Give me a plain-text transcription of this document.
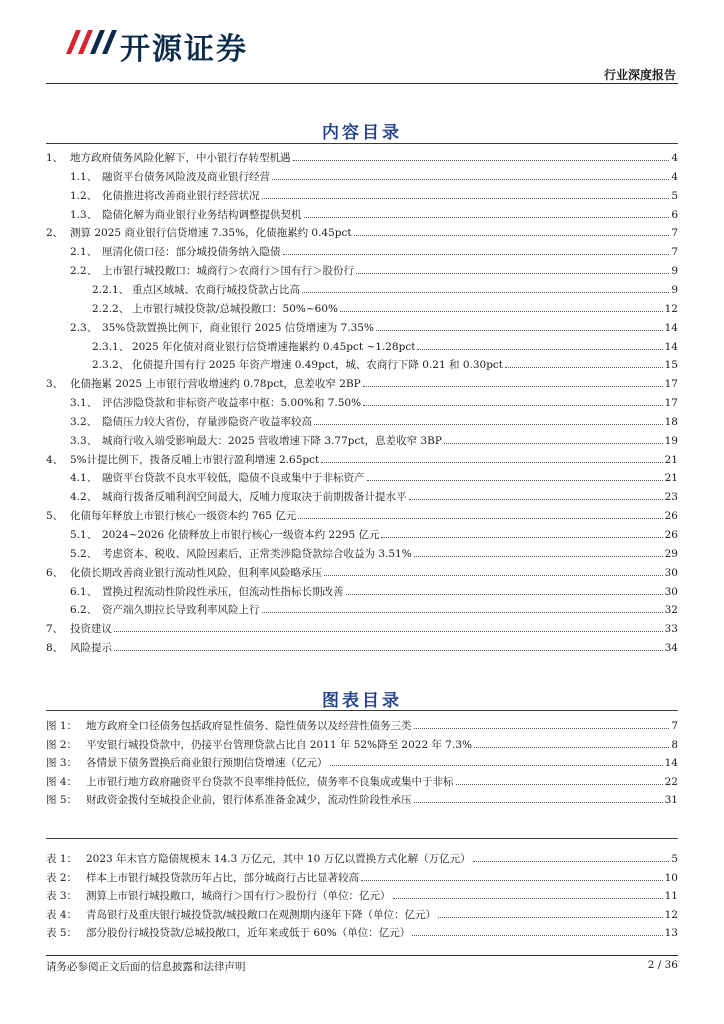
开源证券
行业深度报告
内容目录
1、 地方政府债务风险化解下，中小银行存转型机遇	4
1.1、 融资平台债务风险波及商业银行经营	4
1.2、 化债推进将改善商业银行经营状况	5
1.3、 隐债化解为商业银行业务结构调整提供契机	6
2、 测算 2025 商业银行信贷增速 7.35%，化债拖累约 0.45pct	7
2.1、 厘清化债口径：部分城投债务纳入隐债	7
2.2、 上市银行城投敞口：城商行＞农商行＞国有行＞股份行	9
2.2.1、 重点区域城、农商行城投贷款占比高	9
2.2.2、 上市银行城投贷款/总城投敞口：50%~60%	12
2.3、 35%贷款置换比例下，商业银行 2025 信贷增速为 7.35%	14
2.3.1、 2025 年化债对商业银行信贷增速拖累约 0.45pct ~1.28pct	14
2.3.2、 化债提升国有行 2025 年资产增速 0.49pct，城、农商行下降 0.21 和 0.30pct	15
3、 化债拖累 2025 上市银行营收增速约 0.78pct，息差收窄 2BP	17
3.1、 评估涉隐贷款和非标资产收益率中枢：5.00%和 7.50%	17
3.2、 隐债压力较大省份，存量涉隐资产收益率较高	18
3.3、 城商行收入端受影响最大：2025 营收增速下降 3.77pct，息差收窄 3BP	19
4、 5%计提比例下，拨备反哺上市银行盈利增速 2.65pct	21
4.1、 融资平台贷款不良水平较低，隐债不良或集中于非标资产	21
4.2、 城商行拨备反哺利润空间最大，反哺力度取决于前期拨备计提水平	23
5、 化债每年释放上市银行核心一级资本约 765 亿元	26
5.1、 2024~2026 化债释放上市银行核心一级资本约 2295 亿元	26
5.2、 考虑资本、税收、风险因素后，正常类涉隐贷款综合收益为 3.51%	29
6、 化债长期改善商业银行流动性风险，但利率风险略承压	30
6.1、 置换过程流动性阶段性承压，但流动性指标长期改善	30
6.2、 资产端久期拉长导致利率风险上行	32
7、 投资建议	33
8、 风险提示	34
图表目录
图 1： 地方政府全口径债务包括政府显性债务、隐性债务以及经营性债务三类	7
图 2： 平安银行城投贷款中，仍接平台管理贷款占比自 2011 年 52%降至 2022 年 7.3%	8
图 3： 各情景下债务置换后商业银行预期信贷增速（亿元）	14
图 4： 上市银行地方政府融资平台贷款不良率维持低位，债务率不良集成或集中于非标	22
图 5： 财政资金拨付至城投企业前，银行体系准备金减少，流动性阶段性承压	31
表 1： 2023 年末官方隐债规模末 14.3 万亿元，其中 10 万亿以置换方式化解（万亿元）	5
表 2： 样本上市银行城投贷款历年占比，部分城商行占比显著较高	10
表 3： 测算上市银行城投敞口，城商行＞国有行＞股份行（单位：亿元）	11
表 4： 青岛银行及重庆银行城投贷款/城投敞口在观测期内逐年下降（单位：亿元）	12
表 5： 部分股份行城投贷款/总城投敞口，近年来或低于 60%（单位：亿元）	13
请务必参阅正文后面的信息披露和法律声明	2 / 36
